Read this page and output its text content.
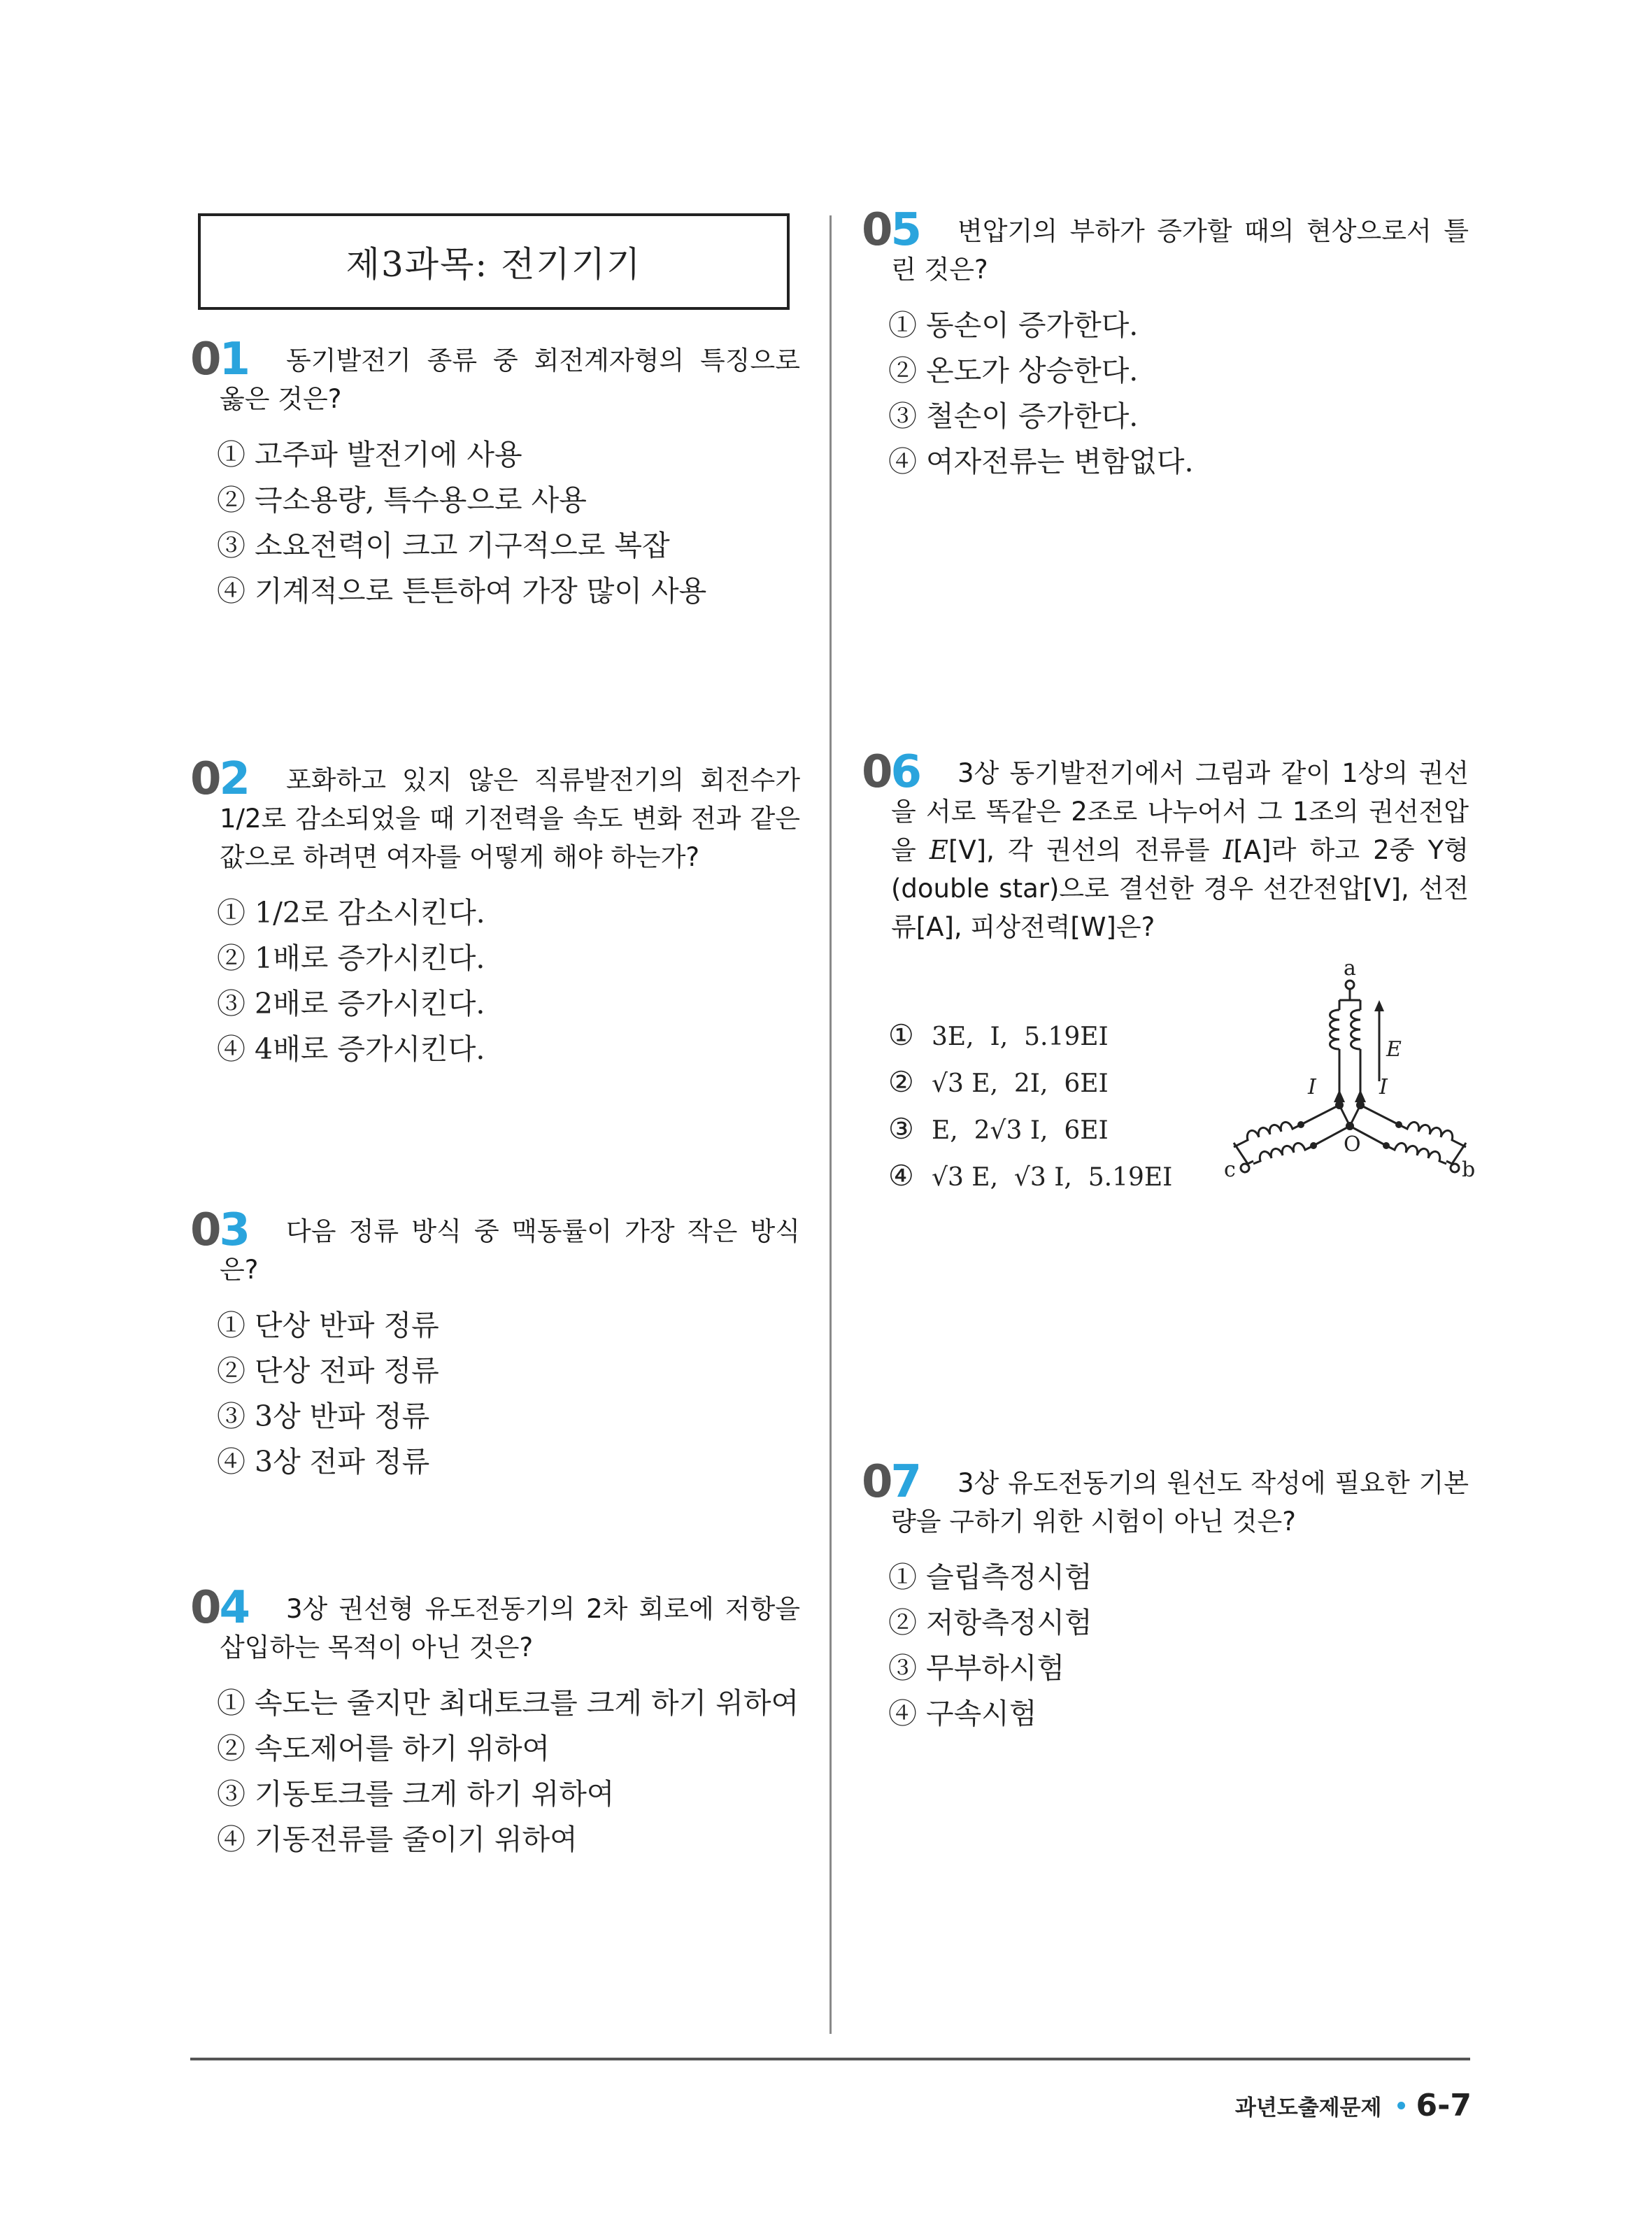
제3과목: 전기기기
01	동기발전기 종류 중 회전계자형의 특징으로 옳은 것은?
① 고주파 발전기에 사용
② 극소용량, 특수용으로 사용
③ 소요전력이 크고 기구적으로 복잡
④ 기계적으로 튼튼하여 가장 많이 사용
02	포화하고 있지 않은 직류발전기의 회전수가 1/2로 감소되었을 때 기전력을 속도 변화 전과 같은 값으로 하려면 여자를 어떻게 해야 하는가?
① 1/2로 감소시킨다.
② 1배로 증가시킨다.
③ 2배로 증가시킨다.
④ 4배로 증가시킨다.
03	다음 정류 방식 중 맥동률이 가장 작은 방식은?
① 단상 반파 정류
② 단상 전파 정류
③ 3상 반파 정류
④ 3상 전파 정류
04	3상 권선형 유도전동기의 2차 회로에 저항을 삽입하는 목적이 아닌 것은?
① 속도는 줄지만 최대토크를 크게 하기 위하여
② 속도제어를 하기 위하여
③ 기동토크를 크게 하기 위하여
④ 기동전류를 줄이기 위하여
05	변압기의 부하가 증가할 때의 현상으로서 틀린 것은?
① 동손이 증가한다.
② 온도가 상승한다.
③ 철손이 증가한다.
④ 여자전류는 변함없다.
06	3상 동기발전기에서 그림과 같이 1상의 권선을 서로 똑같은 2조로 나누어서 그 1조의 권선전압을 E[V], 각 권선의 전류를 I[A]라 하고 2중 Y형(double star)으로 결선한 경우 선간전압[V], 선전류[A], 피상전력[W]은?
① 3E, I, 5.19EI
② √3 E, 2I, 6EI
③ E, 2√3 I, 6EI
④ √3 E, √3 I, 5.19EI
a
E
I	I
O
c	b
07	3상 유도전동기의 원선도 작성에 필요한 기본량을 구하기 위한 시험이 아닌 것은?
① 슬립측정시험
② 저항측정시험
③ 무부하시험
④ 구속시험
과년도출제문제 6-7
